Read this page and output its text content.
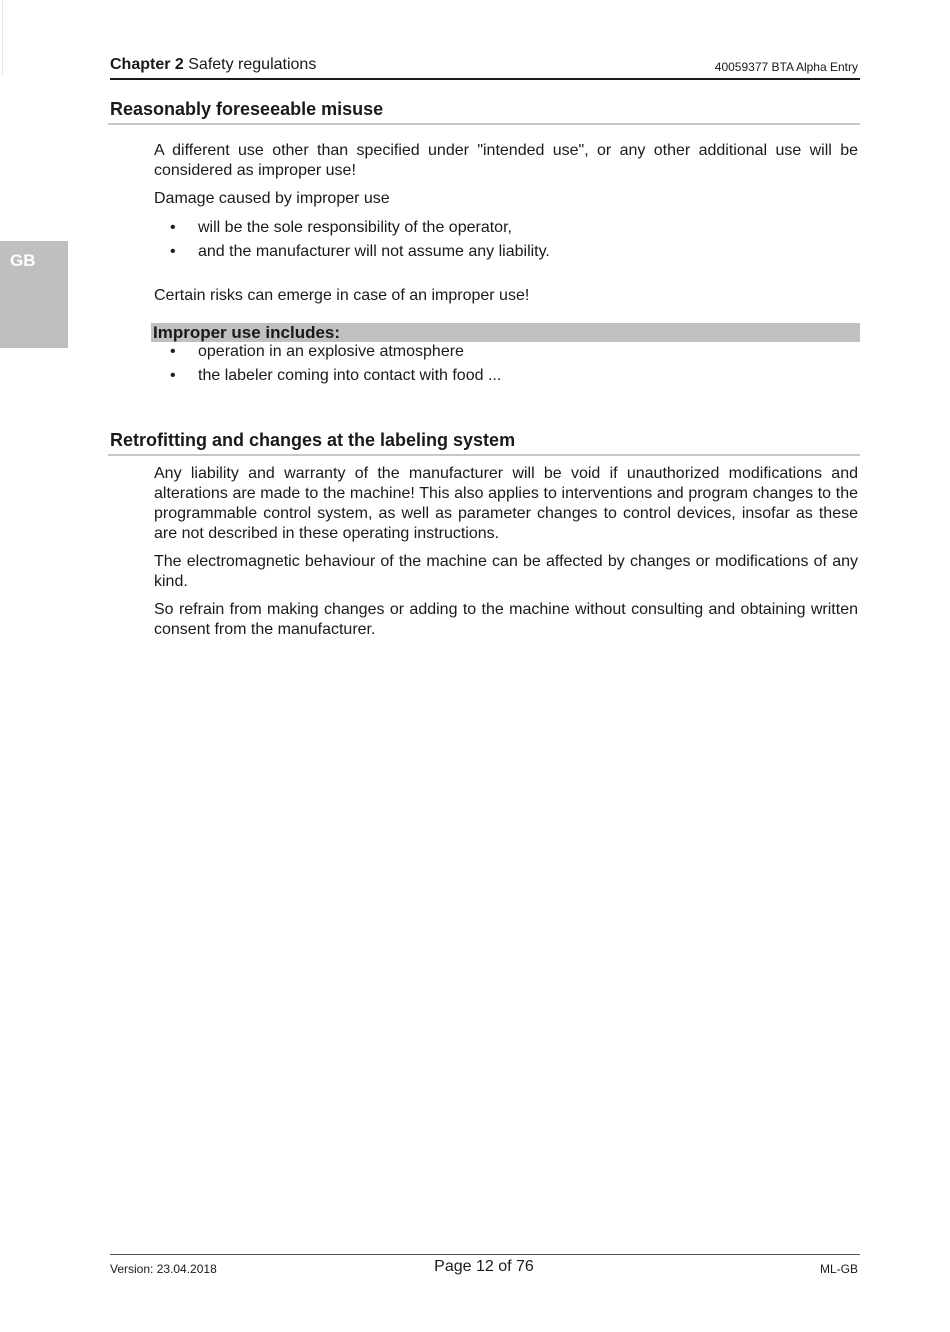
GB
Chapter 2 Safety regulations	40059377 BTA Alpha Entry
Reasonably foreseeable misuse

A different use other than specified under "intended use", or any other additional use will be considered as improper use!

Damage caused by improper use

• will be the sole responsibility of the operator,
• and the manufacturer will not assume any liability.

Certain risks can emerge in case of an improper use!

Improper use includes:
• operation in an explosive atmosphere
• the labeler coming into contact with food ...
Retrofitting and changes at the labeling system

Any liability and warranty of the manufacturer will be void if unauthorized modifications and alterations are made to the machine! This also applies to interventions and program changes to the programmable control system, as well as parameter changes to control devices, insofar as these are not described in these operating instructions.

The electromagnetic behaviour of the machine can be affected by changes or modifications of any kind.

So refrain from making changes or adding to the machine without consulting and obtaining written consent from the manufacturer.

Version: 23.04.2018	Page 12 of 76	ML-GB
